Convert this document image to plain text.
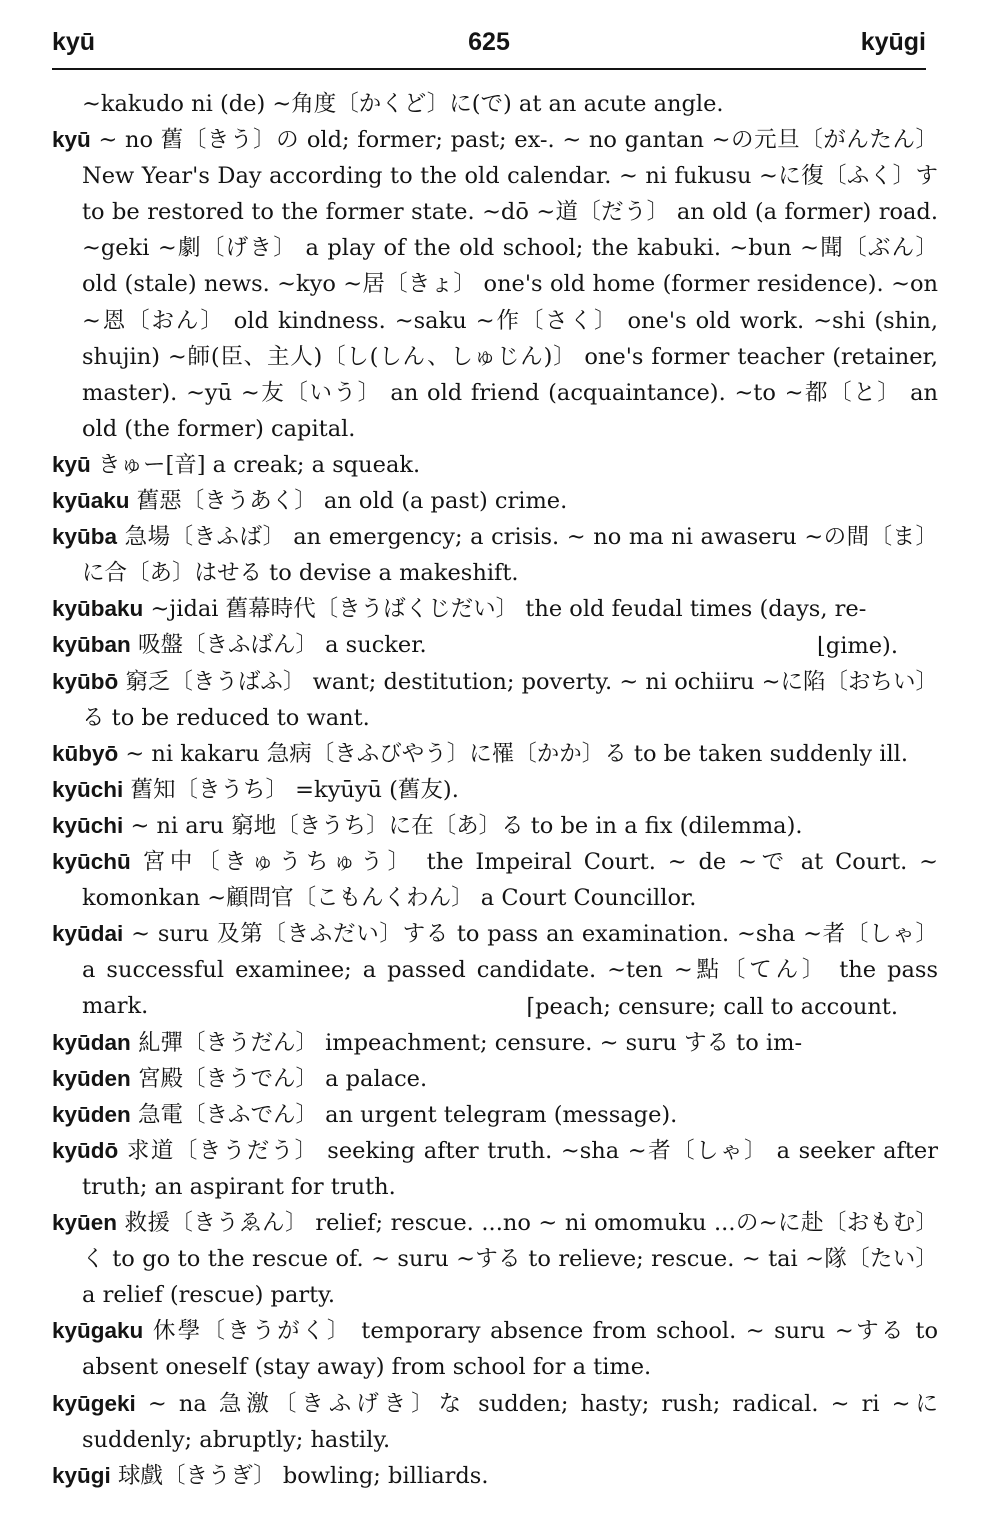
kyū	625	kyūgi
~kakudo ni (de) ~角度〔かくど〕に(で) at an acute angle.
kyū ~ no 舊〔きう〕の old; former; past; ex-. ~ no gantan ~の元旦〔がんたん〕 New Year's Day according to the old calendar. ~ ni fukusu ~に復〔ふく〕す to be restored to the former state. ~dō ~道〔だう〕 an old (a former) road. ~geki ~劇〔げき〕 a play of the old school; the kabuki. ~bun ~聞〔ぶん〕 old (stale) news. ~kyo ~居〔きょ〕 one's old home (former residence). ~on ~恩〔おん〕 old kindness. ~saku ~作〔さく〕 one's old work. ~shi (shin, shujin) ~師(臣、主人)〔し(しん、しゅじん)〕 one's former teacher (retainer, master). ~yū ~友〔いう〕 an old friend (acquaintance). ~to ~都〔と〕 an old (the former) capital.
kyū きゅー[音] a creak; a squeak.
kyūaku 舊惡〔きうあく〕 an old (a past) crime.
kyūba 急場〔きふば〕 an emergency; a crisis. ~ no ma ni awaseru ~の間〔ま〕に合〔あ〕はせる to devise a makeshift.
kyūbaku ~jidai 舊幕時代〔きうばくじだい〕 the old feudal times (days, re-
kyūban 吸盤〔きふばん〕 a sucker.	⌊gime).
kyūbō 窮乏〔きうばふ〕 want; destitution; poverty. ~ ni ochiiru ~に陷〔おちい〕る to be reduced to want.
kūbyō ~ ni kakaru 急病〔きふびやう〕に罹〔かか〕る to be taken suddenly ill.
kyūchi 舊知〔きうち〕 =kyūyū (舊友).
kyūchi ~ ni aru 窮地〔きうち〕に在〔あ〕る to be in a fix (dilemma).
kyūchū 宮中〔きゅうちゅう〕 the Impeiral Court. ~ de ~で at Court. ~ komonkan ~顧問官〔こもんくわん〕 a Court Councillor.
kyūdai ~ suru 及第〔きふだい〕する to pass an examination. ~sha ~者〔しゃ〕 a successful examinee; a passed candidate. ~ten ~點〔てん〕 the pass mark.	⌈peach; censure; call to account.
kyūdan 糺彈〔きうだん〕 impeachment; censure. ~ suru する to im-
kyūden 宮殿〔きうでん〕 a palace.
kyūden 急電〔きふでん〕 an urgent telegram (message).
kyūdō 求道〔きうだう〕 seeking after truth. ~sha ~者〔しゃ〕 a seeker after truth; an aspirant for truth.
kyūen 救援〔きうゑん〕 relief; rescue. ...no ~ ni omomuku ...の~に赴〔おもむ〕く to go to the rescue of. ~ suru ~する to relieve; rescue. ~ tai ~隊〔たい〕 a relief (rescue) party.
kyūgaku 休學〔きうがく〕 temporary absence from school. ~ suru ~する to absent oneself (stay away) from school for a time.
kyūgeki ~ na 急激〔きふげき〕な sudden; hasty; rush; radical. ~ ri ~に suddenly; abruptly; hastily.
kyūgi 球戲〔きうぎ〕 bowling; billiards.
